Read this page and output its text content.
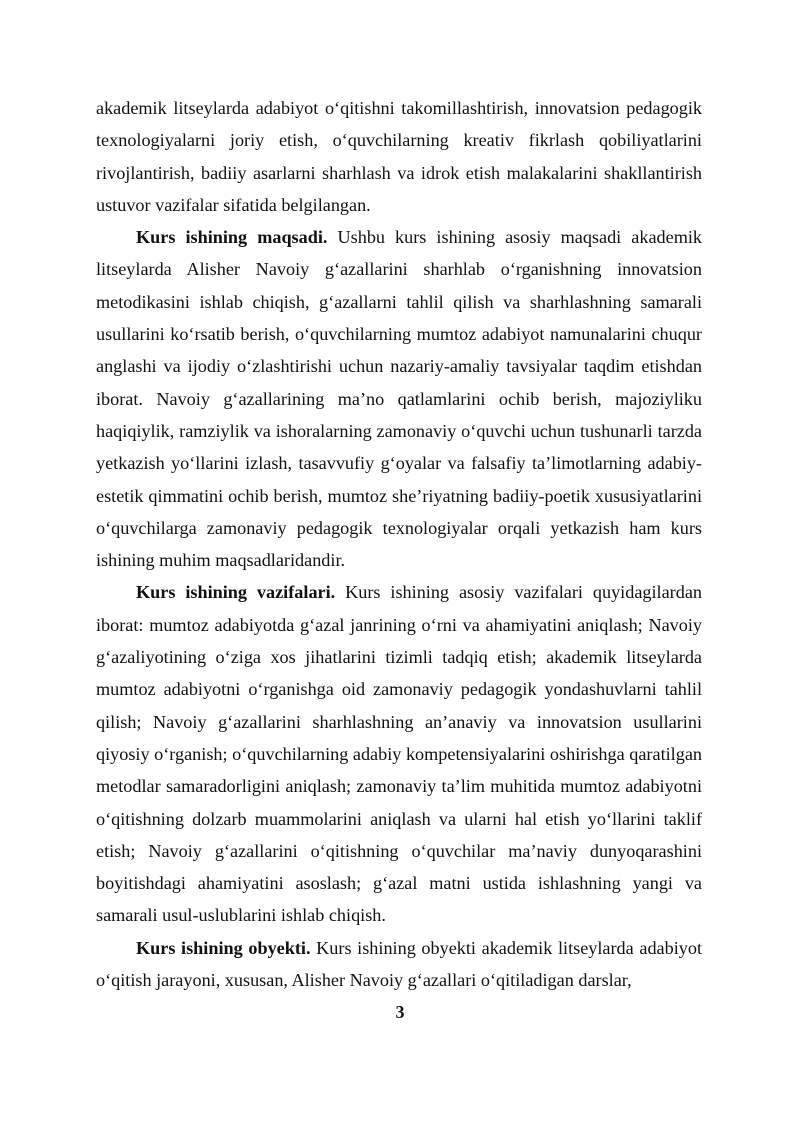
akademik litseylarda adabiyot oʻqitishni takomillashtirish, innovatsion pedagogik texnologiyalarni joriy etish, oʻquvchilarning kreativ fikrlash qobiliyatlarini rivojlantirish, badiiy asarlarni sharhlash va idrok etish malakalarini shakllantirish ustuvor vazifalar sifatida belgilangan.

Kurs ishining maqsadi. Ushbu kurs ishining asosiy maqsadi akademik litseylarda Alisher Navoiy gʻazallarini sharhlab oʻrganishning innovatsion metodikasini ishlab chiqish, gʻazallarni tahlil qilish va sharhlashning samarali usullarini koʻrsatib berish, oʻquvchilarning mumtoz adabiyot namunalarini chuqur anglashi va ijodiy oʻzlashtirishi uchun nazariy-amaliy tavsiyalar taqdim etishdan iborat. Navoiy gʻazallarining maʼno qatlamlarini ochib berish, majoziyliku haqiqiylik, ramziylik va ishoralarning zamonaviy oʻquvchi uchun tushunarli tarzda yetkazish yoʻllarini izlash, tasavvufiy gʻoyalar va falsafiy taʼlimotlarning adabiy-estetik qimmatini ochib berish, mumtoz sheʼriyatning badiiy-poetik xususiyatlarini oʻquvchilarga zamonaviy pedagogik texnologiyalar orqali yetkazish ham kurs ishining muhim maqsadlaridandir.

Kurs ishining vazifalari. Kurs ishining asosiy vazifalari quyidagilardan iborat: mumtoz adabiyotda gʻazal janrining oʻrni va ahamiyatini aniqlash; Navoiy gʻazaliyotining oʻziga xos jihatlarini tizimli tadqiq etish; akademik litseylarda mumtoz adabiyotni oʻrganishga oid zamonaviy pedagogik yondashuvlarni tahlil qilish; Navoiy gʻazallarini sharhlashning anʼanaviy va innovatsion usullarini qiyosiy oʻrganish; oʻquvchilarning adabiy kompetensiyalarini oshirishga qaratilgan metodlar samaradorligini aniqlash; zamonaviy taʼlim muhitida mumtoz adabiyotni oʻqitishning dolzarb muammolarini aniqlash va ularni hal etish yoʻllarini taklif etish; Navoiy gʻazallarini oʻqitishning oʻquvchilar maʼnaviy dunyoqarashini boyitishdagi ahamiyatini asoslash; gʻazal matni ustida ishlashning yangi va samarali usul-uslublarini ishlab chiqish.

Kurs ishining obyekti. Kurs ishining obyekti akademik litseylarda adabiyot oʻqitish jarayoni, xususan, Alisher Navoiy gʻazallari oʻqitiladigan darslar,

3
